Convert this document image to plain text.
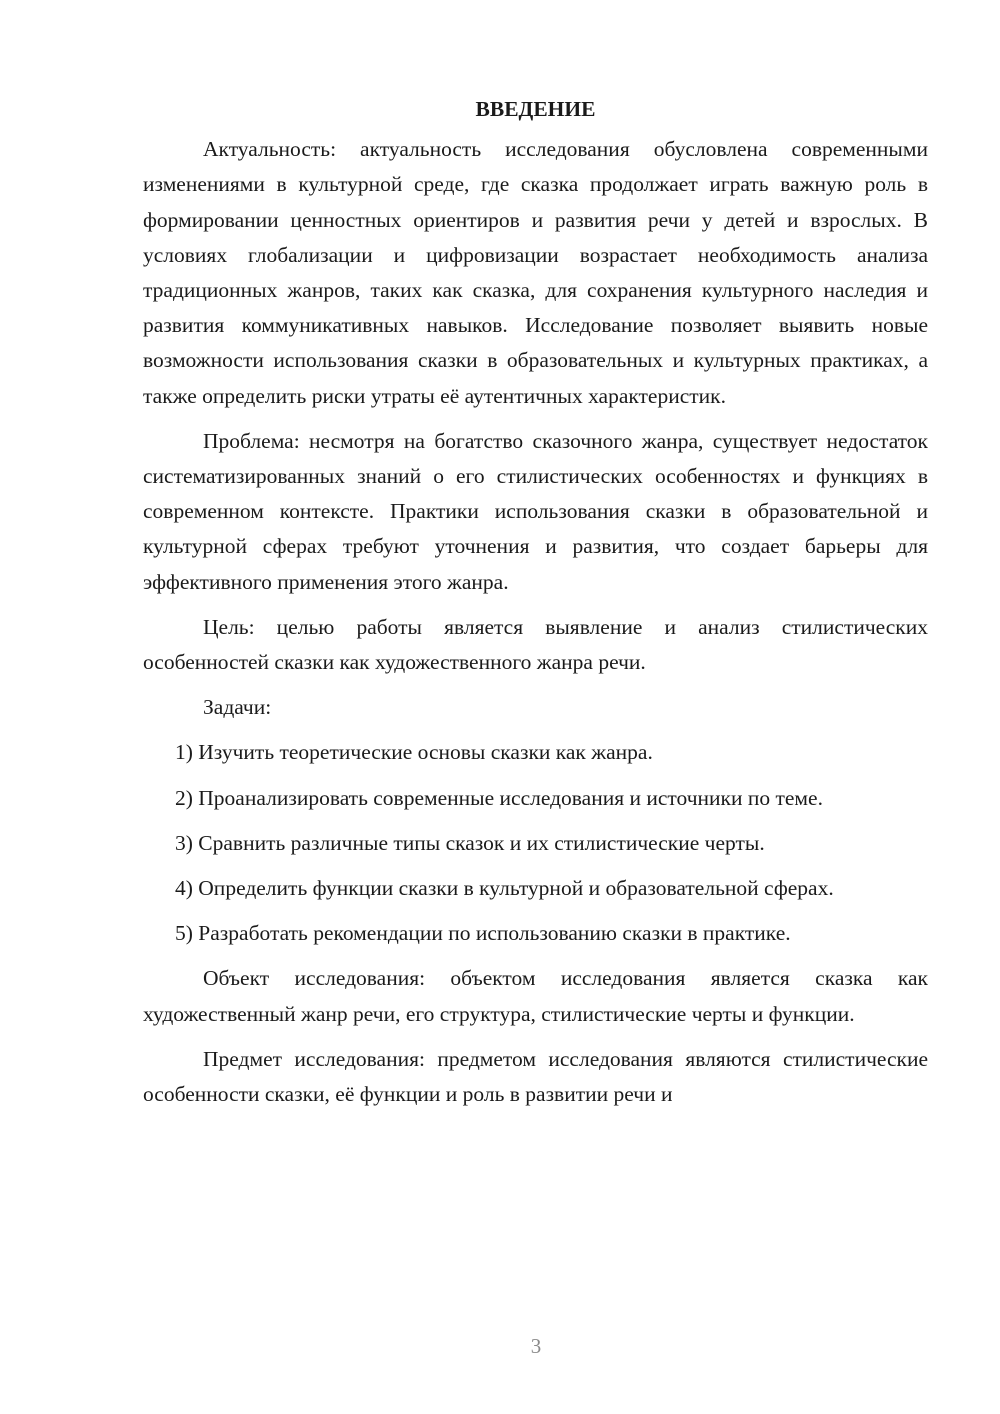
ВВЕДЕНИЕ

Актуальность: актуальность исследования обусловлена современными изменениями в культурной среде, где сказка продолжает играть важную роль в формировании ценностных ориентиров и развития речи у детей и взрослых. В условиях глобализации и цифровизации возрастает необходимость анализа традиционных жанров, таких как сказка, для сохранения культурного наследия и развития коммуникативных навыков. Исследование позволяет выявить новые возможности использования сказки в образовательных и культурных практиках, а также определить риски утраты её аутентичных характеристик.

Проблема: несмотря на богатство сказочного жанра, существует недостаток систематизированных знаний о его стилистических особенностях и функциях в современном контексте. Практики использования сказки в образовательной и культурной сферах требуют уточнения и развития, что создает барьеры для эффективного применения этого жанра.

Цель: целью работы является выявление и анализ стилистических особенностей сказки как художественного жанра речи.

Задачи:

1) Изучить теоретические основы сказки как жанра.

2) Проанализировать современные исследования и источники по теме.

3) Сравнить различные типы сказок и их стилистические черты.

4) Определить функции сказки в культурной и образовательной сферах.

5) Разработать рекомендации по использованию сказки в практике.

Объект исследования: объектом исследования является сказка как художественный жанр речи, его структура, стилистические черты и функции.

Предмет исследования: предметом исследования являются стилистические особенности сказки, её функции и роль в развитии речи и

3
